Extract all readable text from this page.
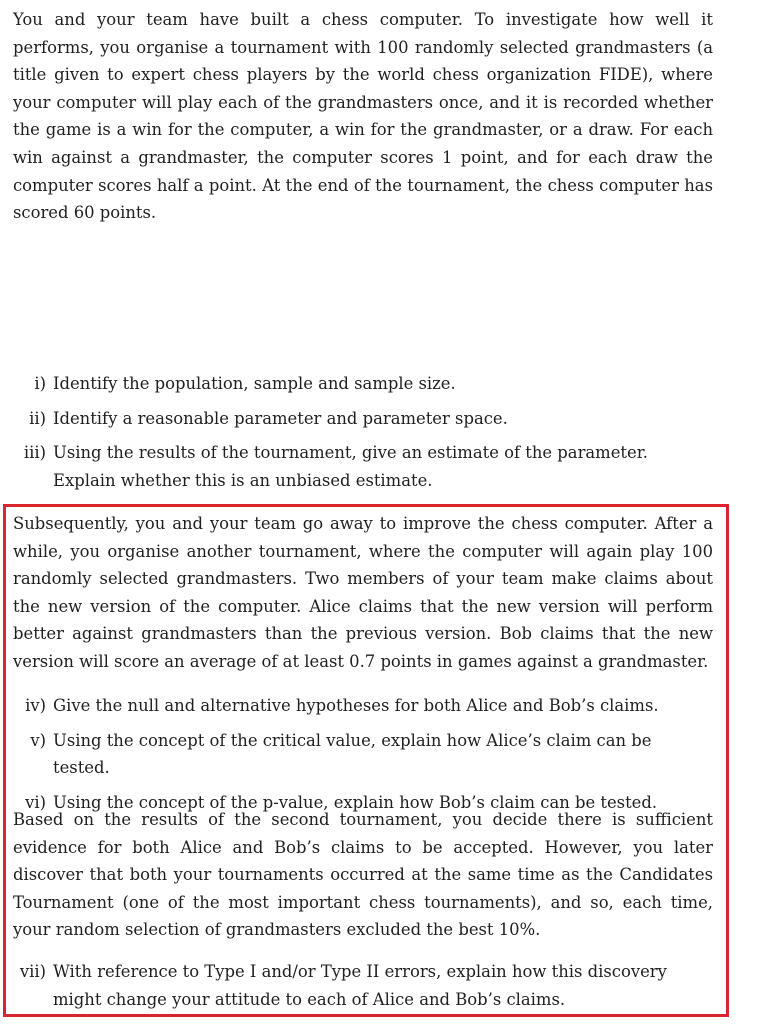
You and your team have built a chess computer. To investigate how well it performs, you organise a tournament with 100 randomly selected grandmasters (a title given to expert chess players by the world chess organization FIDE), where your computer will play each of the grandmasters once, and it is recorded whether the game is a win for the computer, a win for the grandmaster, or a draw. For each win against a grandmaster, the computer scores 1 point, and for each draw the computer scores half a point. At the end of the tournament, the chess computer has scored 60 points.

i) Identify the population, sample and sample size.
ii) Identify a reasonable parameter and parameter space.
iii) Using the results of the tournament, give an estimate of the parameter. Explain whether this is an unbiased estimate.

Subsequently, you and your team go away to improve the chess computer. After a while, you organise another tournament, where the computer will again play 100 randomly selected grandmasters. Two members of your team make claims about the new version of the computer. Alice claims that the new version will perform better against grandmasters than the previous version. Bob claims that the new version will score an average of at least 0.7 points in games against a grandmaster.

iv) Give the null and alternative hypotheses for both Alice and Bob’s claims.
v) Using the concept of the critical value, explain how Alice’s claim can be tested.
vi) Using the concept of the p-value, explain how Bob’s claim can be tested.

Based on the results of the second tournament, you decide there is sufficient evidence for both Alice and Bob’s claims to be accepted. However, you later discover that both your tournaments occurred at the same time as the Candidates Tournament (one of the most important chess tournaments), and so, each time, your random selection of grandmasters excluded the best 10%.

vii) With reference to Type I and/or Type II errors, explain how this discovery might change your attitude to each of Alice and Bob’s claims.
